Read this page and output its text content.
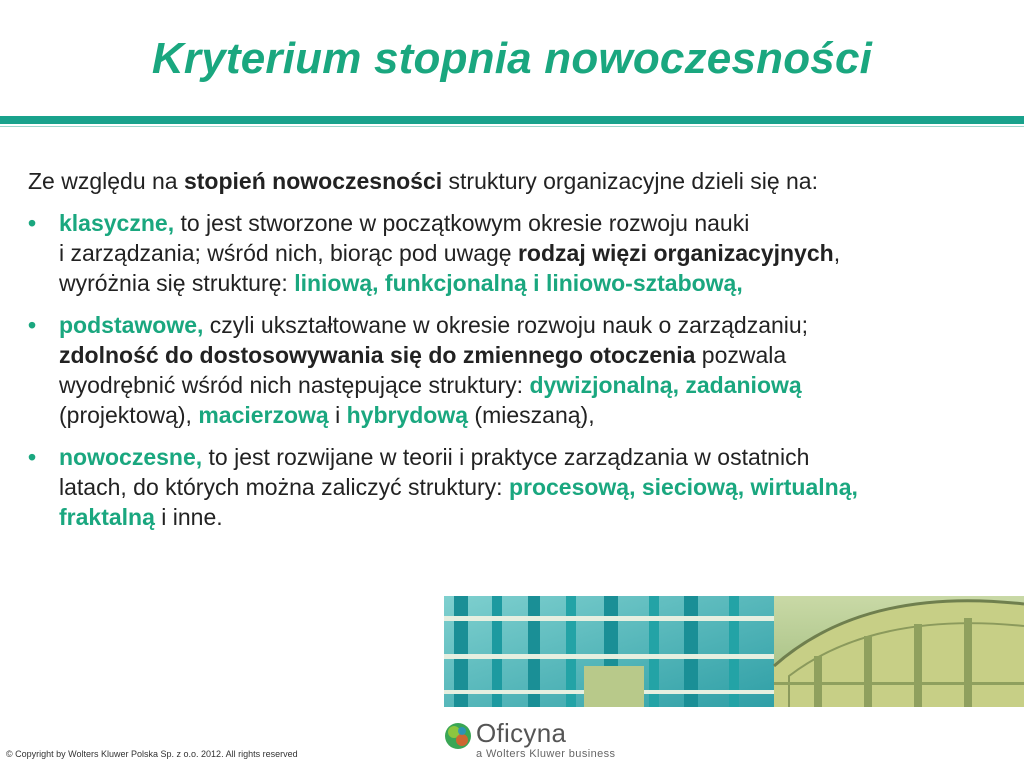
Kryterium stopnia nowoczesności

Ze względu na stopień nowoczesności struktury organizacyjne dzieli się na:

• klasyczne, to jest stworzone w początkowym okresie rozwoju nauki
i zarządzania; wśród nich, biorąc pod uwagę rodzaj więzi organizacyjnych,
wyróżnia się strukturę: liniową, funkcjonalną i liniowo-sztabową,
• podstawowe, czyli ukształtowane w okresie rozwoju nauk o zarządzaniu;
zdolność do dostosowywania się do zmiennego otoczenia pozwala
wyodrębnić wśród nich następujące struktury: dywizjonalną, zadaniową
(projektową), macierzową i hybrydową (mieszaną),
• nowoczesne, to jest rozwijane w teorii i praktyce zarządzania w ostatnich
latach, do których można zaliczyć struktury: procesową, sieciową, wirtualną,
fraktalną i inne.
© Copyright by Wolters Kluwer Polska Sp. z o.o. 2012. All rights reserved
Oficyna
a Wolters Kluwer business
